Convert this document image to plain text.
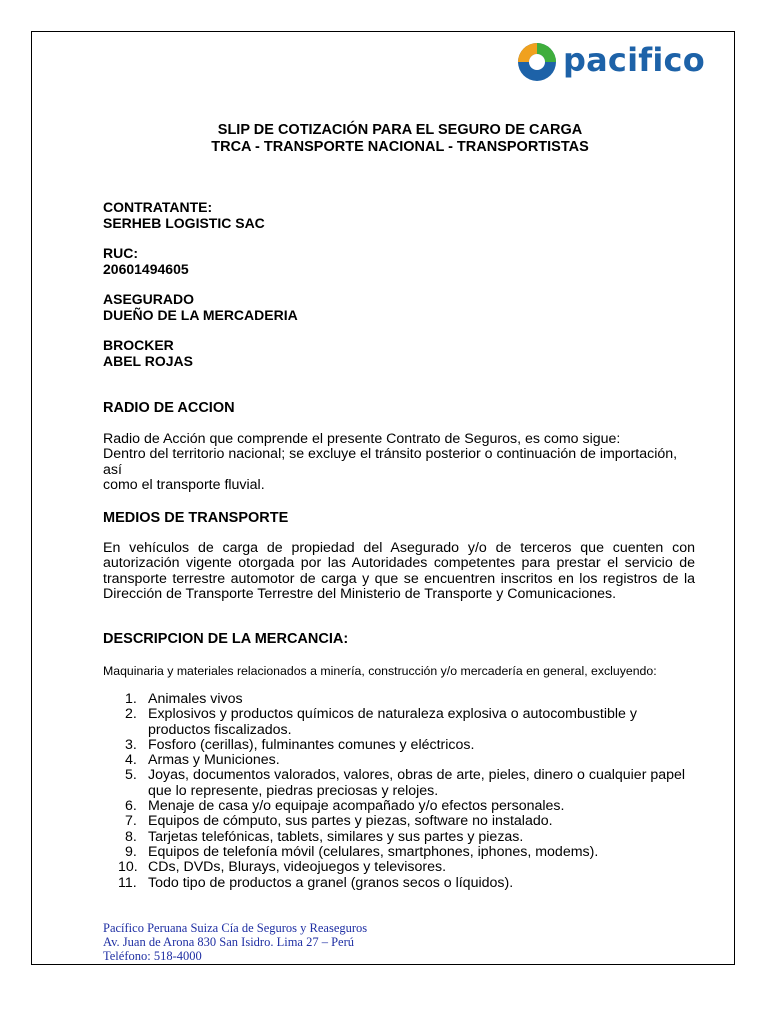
pacifico
SLIP DE COTIZACIÓN PARA EL SEGURO DE CARGA
TRCA - TRANSPORTE NACIONAL - TRANSPORTISTAS
CONTRATANTE:
SERHEB LOGISTIC SAC
RUC:
20601494605
ASEGURADO
DUEÑO DE LA MERCADERIA
BROCKER
ABEL ROJAS
RADIO DE ACCION
Radio de Acción que comprende el presente Contrato de Seguros, es como sigue:
Dentro del territorio nacional; se excluye el tránsito posterior o continuación de importación, así
como el transporte fluvial.
MEDIOS DE TRANSPORTE
En vehículos de carga de propiedad del Asegurado y/o de terceros que cuenten con autorización vigente otorgada por las Autoridades competentes para prestar el servicio de transporte terrestre automotor de carga y que se encuentren inscritos en los registros de la Dirección de Transporte Terrestre del Ministerio de Transporte y Comunicaciones.
DESCRIPCION DE LA MERCANCIA:
Maquinaria y materiales relacionados a minería, construcción y/o mercadería en general, excluyendo:
1. Animales vivos
2. Explosivos y productos químicos de naturaleza explosiva o autocombustible y productos fiscalizados.
3. Fosforo (cerillas), fulminantes comunes y eléctricos.
4. Armas y Municiones.
5. Joyas, documentos valorados, valores, obras de arte, pieles, dinero o cualquier papel que lo represente, piedras preciosas y relojes.
6. Menaje de casa y/o equipaje acompañado y/o efectos personales.
7. Equipos de cómputo, sus partes y piezas, software no instalado.
8. Tarjetas telefónicas, tablets, similares y sus partes y piezas.
9. Equipos de telefonía móvil (celulares, smartphones, iphones, modems).
10. CDs, DVDs, Blurays, videojuegos y televisores.
11. Todo tipo de productos a granel (granos secos o líquidos).
Pacífico Peruana Suiza Cía de Seguros y Reaseguros
Av. Juan de Arona 830 San Isidro. Lima 27 – Perú
Teléfono: 518-4000
